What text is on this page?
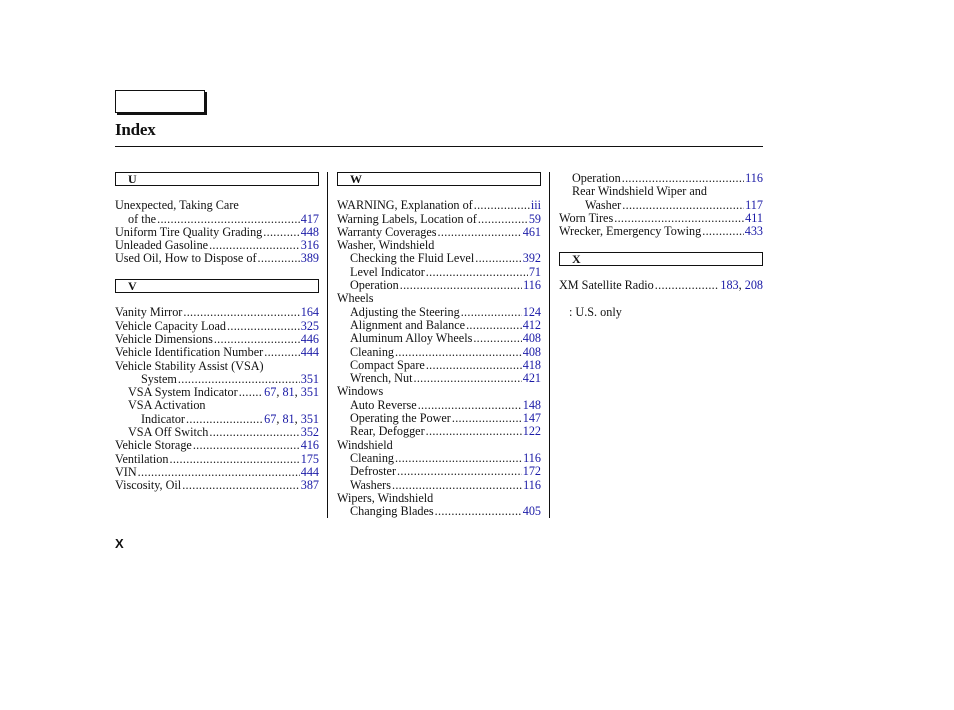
Index
U
Unexpected, Taking Care
of the .....	417
Uniform Tire Quality Grading .....	448
Unleaded Gasoline .....	316
Used Oil, How to Dispose of .....	389
V
Vanity Mirror .....	164
Vehicle Capacity Load .....	325
Vehicle Dimensions .....	446
Vehicle Identification Number .....	444
Vehicle Stability Assist (VSA)
System .....	351
VSA System Indicator ..... 67, 81, 351
VSA Activation
Indicator .....	67, 81, 351
VSA Off Switch .....	352
Vehicle Storage .....	416
Ventilation .....	175
VIN .....	444
Viscosity, Oil .....	387
W
WARNING, Explanation of .....	iii
Warning Labels, Location of .....	59
Warranty Coverages .....	461
Washer, Windshield
Checking the Fluid Level .....	392
Level Indicator .....	71
Operation .....	116
Wheels
Adjusting the Steering .....	124
Alignment and Balance .....	412
Aluminum Alloy Wheels .....	408
Cleaning .....	408
Compact Spare .....	418
Wrench, Nut .....	421
Windows
Auto Reverse .....	148
Operating the Power .....	147
Rear, Defogger .....	122
Windshield
Cleaning .....	116
Defroster .....	172
Washers .....	116
Wipers, Windshield
Changing Blades .....	405
Operation .....	116
Rear Windshield Wiper and
Washer .....	117
Worn Tires .....	411
Wrecker, Emergency Towing .....	433
X
XM Satellite Radio .....	183, 208
: U.S. only
X
